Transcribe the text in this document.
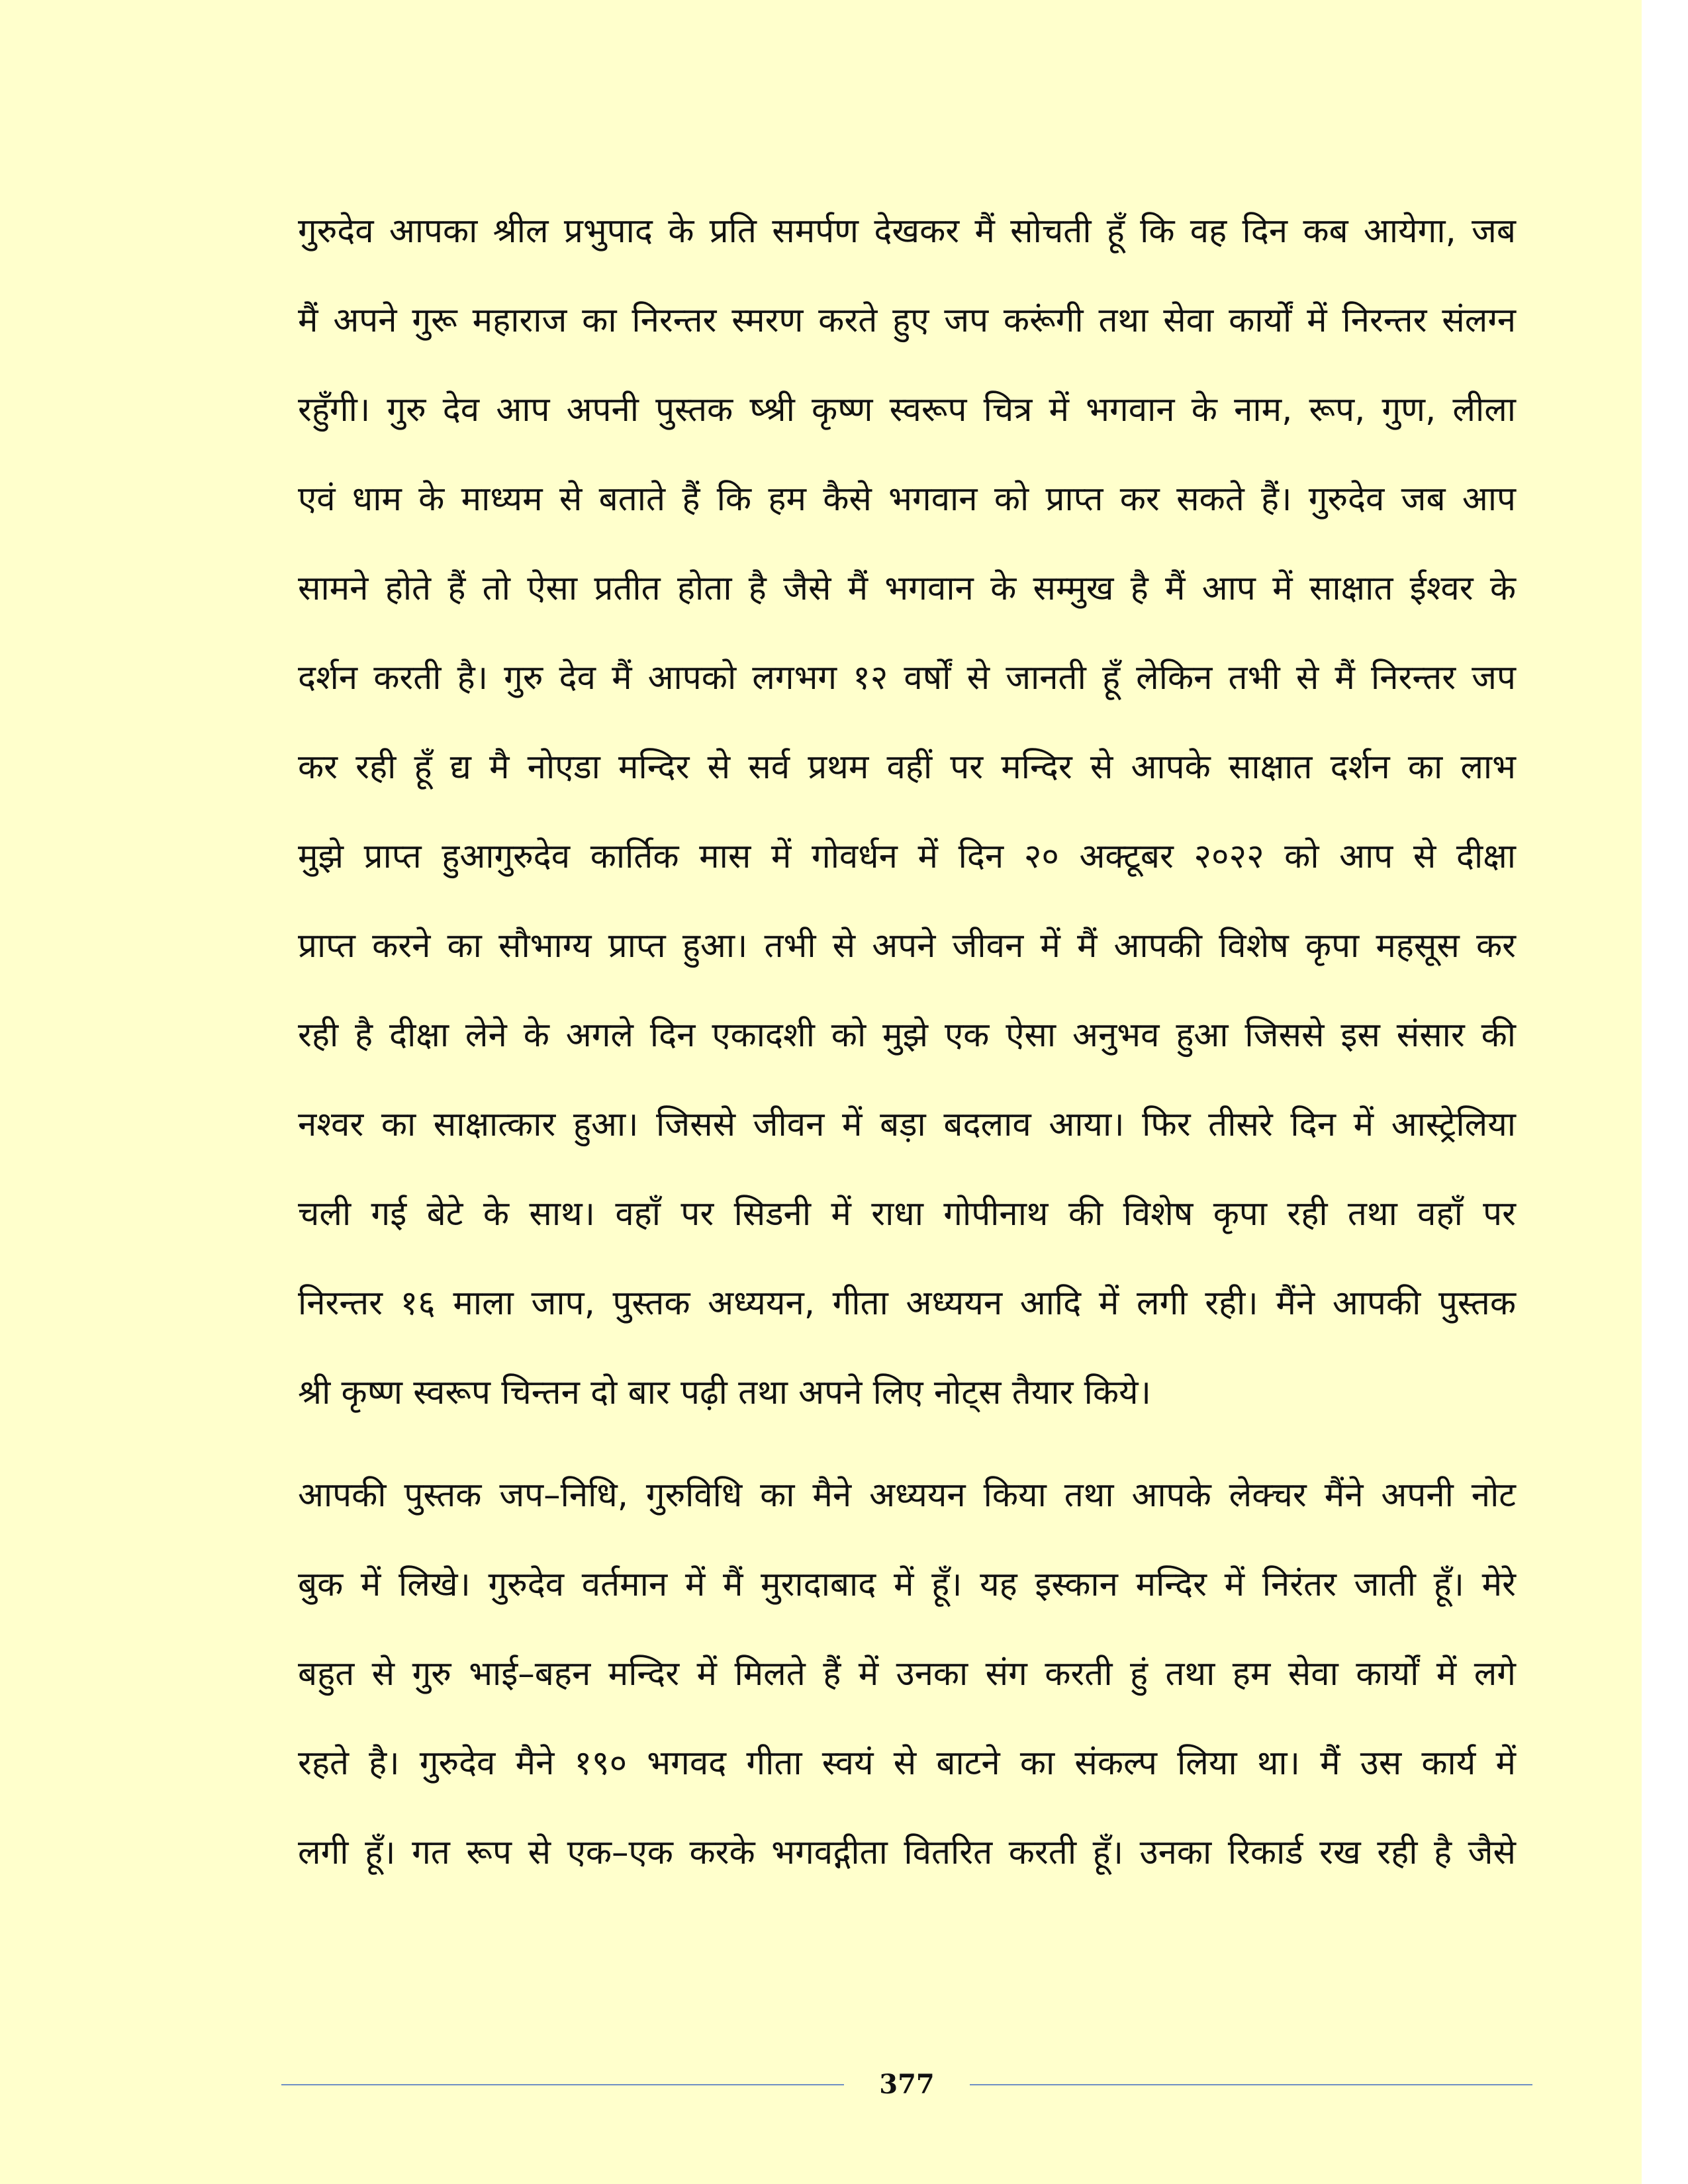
गुरुदेव आपका श्रील प्रभुपाद के प्रति समर्पण देखकर मैं सोचती हूँ कि वह दिन कब आयेगा, जब
मैं अपने गुरू महाराज का निरन्तर स्मरण करते हुए जप करूंगी तथा सेवा कार्यों में निरन्तर संलग्न
रहुँगी। गुरु देव आप अपनी पुस्तक ष्श्री कृष्ण स्वरूप चित्र में भगवान के नाम, रूप, गुण, लीला
एवं धाम के माध्यम से बताते हैं कि हम कैसे भगवान को प्राप्त कर सकते हैं। गुरुदेव जब आप
सामने होते हैं तो ऐसा प्रतीत होता है जैसे मैं भगवान के सम्मुख है मैं आप में साक्षात ईश्वर के
दर्शन करती है। गुरु देव मैं आपको लगभग १२ वर्षों से जानती हूँ लेकिन तभी से मैं निरन्तर जप
कर रही हूँ द्य मै नोएडा मन्दिर से सर्व प्रथम वहीं पर मन्दिर से आपके साक्षात दर्शन का लाभ
मुझे प्राप्त हुआगुरुदेव कार्तिक मास में गोवर्धन में दिन २० अक्टूबर २०२२ को आप से दीक्षा
प्राप्त करने का सौभाग्य प्राप्त हुआ। तभी से अपने जीवन में मैं आपकी विशेष कृपा महसूस कर
रही है दीक्षा लेने के अगले दिन एकादशी को मुझे एक ऐसा अनुभव हुआ जिससे इस संसार की
नश्वर का साक्षात्कार हुआ। जिससे जीवन में बड़ा बदलाव आया। फिर तीसरे दिन में आस्ट्रेलिया
चली गई बेटे के साथ। वहाँ पर सिडनी में राधा गोपीनाथ की विशेष कृपा रही तथा वहाँ पर
निरन्तर १६ माला जाप, पुस्तक अध्ययन, गीता अध्ययन आदि में लगी रही। मैंने आपकी पुस्तक
श्री कृष्ण स्वरूप चिन्तन दो बार पढ़ी तथा अपने लिए नोट्स तैयार किये।
आपकी पुस्तक जप–निधि, गुरुविधि का मैने अध्ययन किया तथा आपके लेक्चर मैंने अपनी नोट
बुक में लिखे। गुरुदेव वर्तमान में मैं मुरादाबाद में हूँ। यह इस्कान मन्दिर में निरंतर जाती हूँ। मेरे
बहुत से गुरु भाई–बहन मन्दिर में मिलते हैं में उनका संग करती हुं तथा हम सेवा कार्यों में लगे
रहते है। गुरुदेव मैने १९० भगवद गीता स्वयं से बाटने का संकल्प लिया था। मैं उस कार्य में
लगी हूँ। गत रूप से एक–एक करके भगवद्गीता वितरित करती हूँ। उनका रिकार्ड रख रही है जैसे
377
